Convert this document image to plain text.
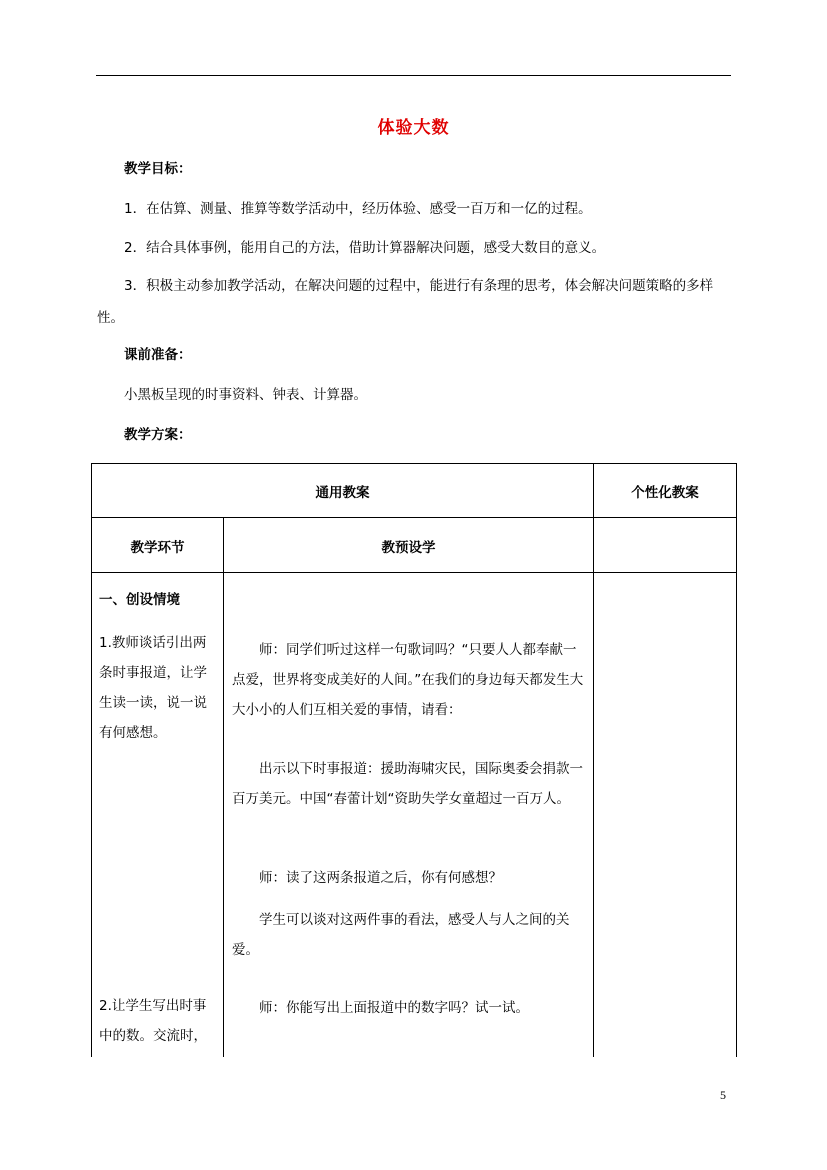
体验大数
教学目标：
1．在估算、测量、推算等数学活动中，经历体验、感受一百万和一亿的过程。
2．结合具体事例，能用自己的方法，借助计算器解决问题，感受大数目的意义。
3．积极主动参加教学活动，在解决问题的过程中，能进行有条理的思考，体会解决问题策略的多样性。
课前准备：
小黑板呈现的时事资料、钟表、计算器。
教学方案：
通用教案	个性化教案
教学环节	教预设学
一、创设情境
1.教师谈话引出两条时事报道，让学生读一读，说一说有何感想。
2.让学生写出时事中的数。交流时，
师：同学们听过这样一句歌词吗？“只要人人都奉献一点爱，世界将变成美好的人间。”在我们的身边每天都发生大大小小的人们互相关爱的事情，请看：
出示以下时事报道：援助海啸灾民，国际奥委会捐款一百万美元。中国“春蕾计划“资助失学女童超过一百万人。
师：读了这两条报道之后，你有何感想？
学生可以谈对这两件事的看法，感受人与人之间的关爱。
师：你能写出上面报道中的数字吗？试一试。
5
